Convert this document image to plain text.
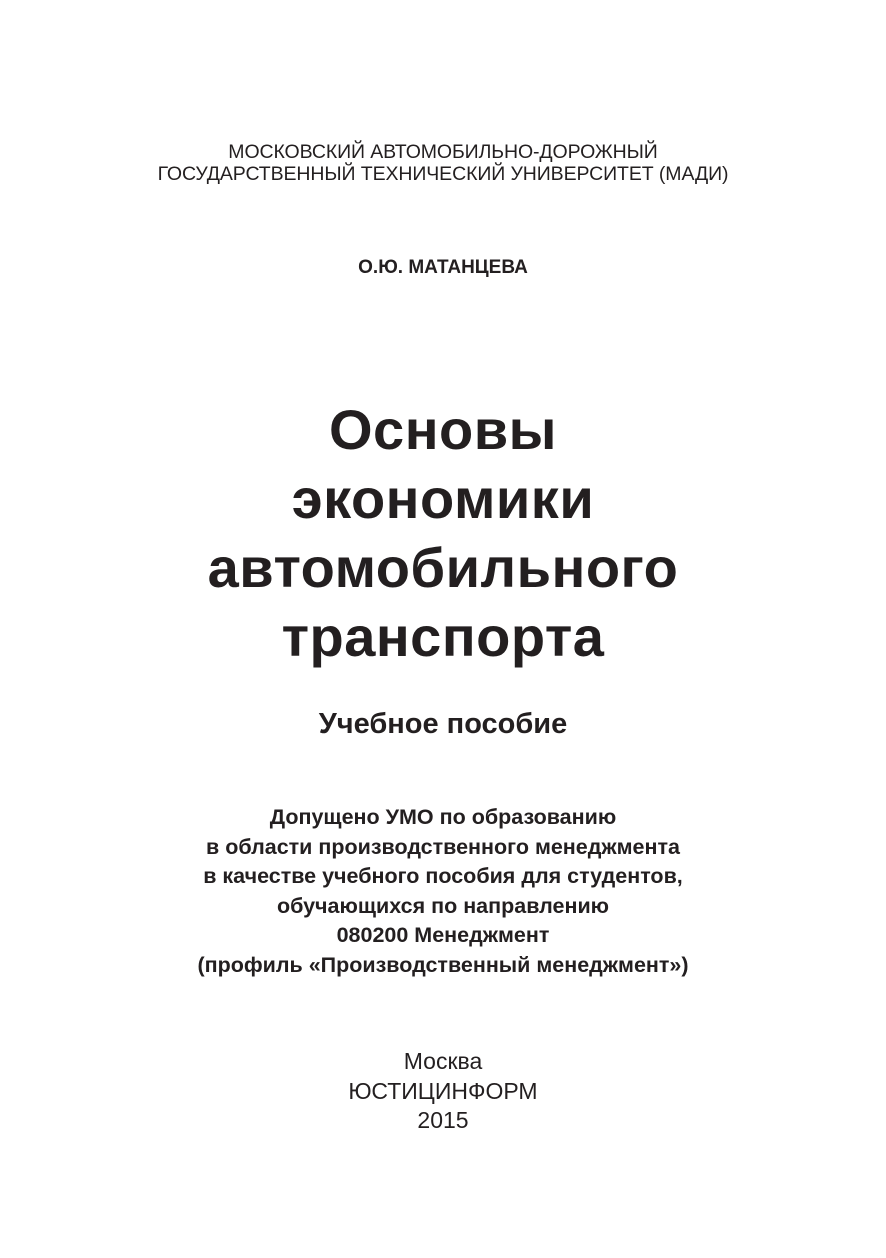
МОСКОВСКИЙ АВТОМОБИЛЬНО-ДОРОЖНЫЙ
ГОСУДАРСТВЕННЫЙ ТЕХНИЧЕСКИЙ УНИВЕРСИТЕТ (МАДИ)
О.Ю. МАТАНЦЕВА
Основы
экономики
автомобильного
транспорта
Учебное пособие
Допущено УМО по образованию
в области производственного менеджмента
в качестве учебного пособия для студентов,
обучающихся по направлению
080200 Менеджмент
(профиль «Производственный менеджмент»)
Москва
ЮСТИЦИНФОРМ
2015
